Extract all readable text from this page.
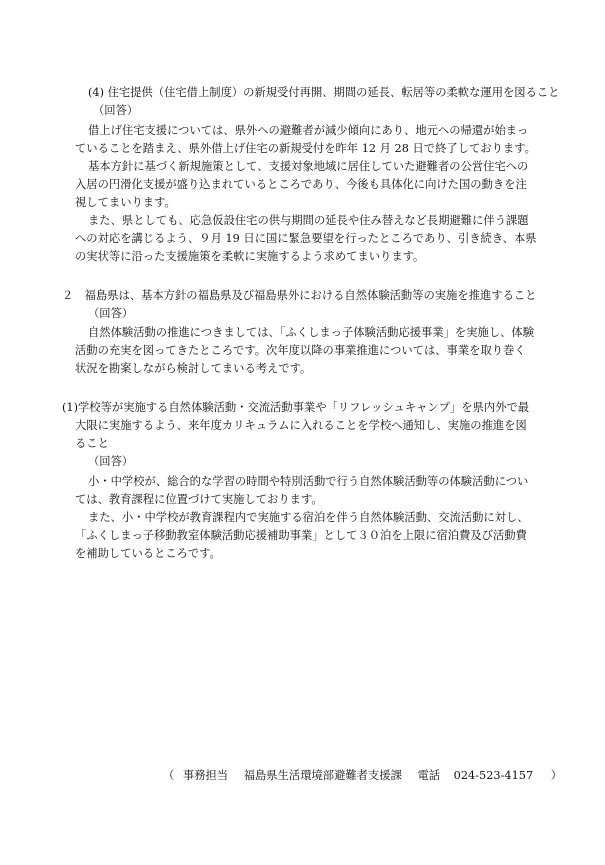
(4) 住宅提供（住宅借上制度）の新規受付再開、期間の延長、転居等の柔軟な運用を図ること
（回答）
借上げ住宅支援については、県外への避難者が減少傾向にあり、地元への帰還が始まっ
ていることを踏まえ、県外借上げ住宅の新規受付を昨年 12 月 28 日で終了しております。
基本方針に基づく新規施策として、支援対象地域に居住していた避難者の公営住宅への
入居の円滑化支援が盛り込まれているところであり、今後も具体化に向けた国の動きを注
視してまいります。
また、県としても、応急仮設住宅の供与期間の延長や住み替えなど長期避難に伴う課題
への対応を講じるよう、９月 19 日に国に緊急要望を行ったところであり、引き続き、本県
の実状等に沿った支援施策を柔軟に実施するよう求めてまいります。
２　福島県は、基本方針の福島県及び福島県外における自然体験活動等の実施を推進すること
（回答）
自然体験活動の推進につきましては、「ふくしまっ子体験活動応援事業」を実施し、体験
活動の充実を図ってきたところです。次年度以降の事業推進については、事業を取り巻く
状況を勘案しながら検討してまいる考えです。
(1)学校等が実施する自然体験活動・交流活動事業や「リフレッシュキャンプ」を県内外で最
大限に実施するよう、来年度カリキュラムに入れることを学校へ通知し、実施の推進を図
ること
（回答）
小・中学校が、総合的な学習の時間や特別活動で行う自然体験活動等の体験活動につい
ては、教育課程に位置づけて実施しております。
また、小・中学校が教育課程内で実施する宿泊を伴う自然体験活動、交流活動に対し、
「ふくしまっ子移動教室体験活動応援補助事業」として３０泊を上限に宿泊費及び活動費
を補助しているところです。
（ 事務担当 福島県生活環境部避難者支援課 電話 024-523-4157 ）
